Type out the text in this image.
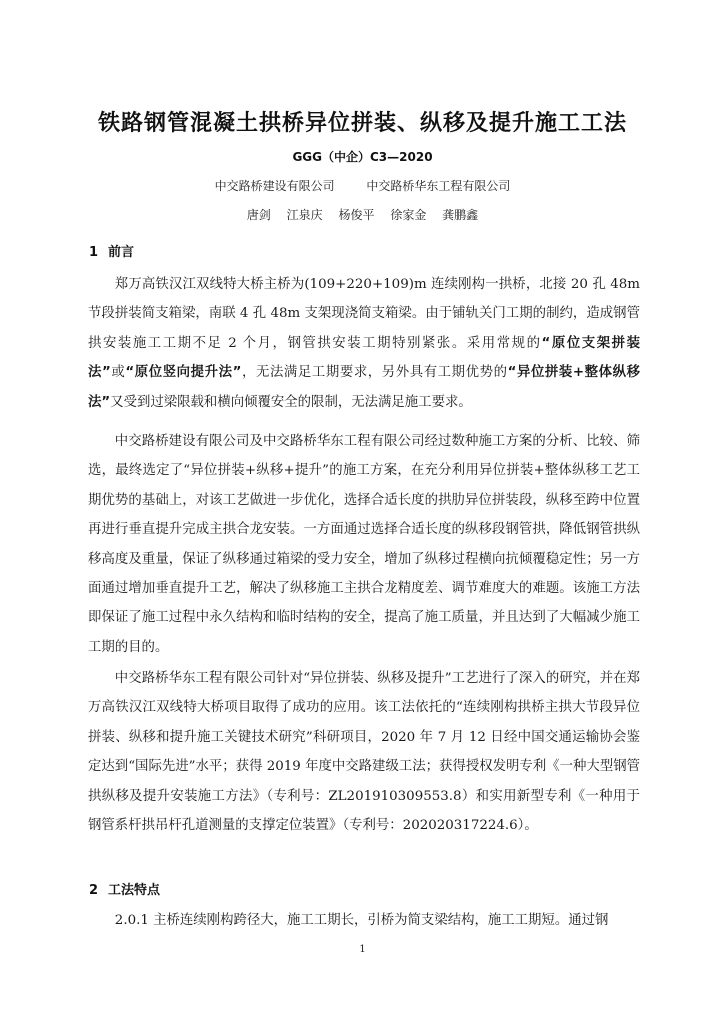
铁路钢管混凝土拱桥异位拼装、纵移及提升施工工法
GGG（中企）C3—2020
中交路桥建设有限公司	中交路桥华东工程有限公司
唐剑 江泉庆 杨俊平 徐家金 龚鹏鑫
1 前言

郑万高铁汉江双线特大桥主桥为(109+220+109)m 连续刚构一拱桥，北接 20 孔 48m 节段拼装简支箱梁，南联 4 孔 48m 支架现浇简支箱梁。由于铺轨关门工期的制约，造成钢管拱安装施工工期不足 2 个月，钢管拱安装工期特别紧张。采用常规的“原位支架拼装法”或“原位竖向提升法”，无法满足工期要求，另外具有工期优势的“异位拼装+整体纵移法”又受到过梁限载和横向倾覆安全的限制，无法满足施工要求。

中交路桥建设有限公司及中交路桥华东工程有限公司经过数种施工方案的分析、比较、筛选，最终选定了“异位拼装+纵移+提升”的施工方案，在充分利用异位拼装+整体纵移工艺工期优势的基础上，对该工艺做进一步优化，选择合适长度的拱肋异位拼装段，纵移至跨中位置再进行垂直提升完成主拱合龙安装。一方面通过选择合适长度的纵移段钢管拱，降低钢管拱纵移高度及重量，保证了纵移通过箱梁的受力安全，增加了纵移过程横向抗倾覆稳定性；另一方面通过增加垂直提升工艺，解决了纵移施工主拱合龙精度差、调节难度大的难题。该施工方法即保证了施工过程中永久结构和临时结构的安全，提高了施工质量，并且达到了大幅减少施工工期的目的。

中交路桥华东工程有限公司针对“异位拼装、纵移及提升”工艺进行了深入的研究，并在郑万高铁汉江双线特大桥项目取得了成功的应用。该工法依托的“连续刚构拱桥主拱大节段异位拼装、纵移和提升施工关键技术研究”科研项目，2020 年 7 月 12 日经中国交通运输协会鉴定达到“国际先进”水平；获得 2019 年度中交路建级工法；获得授权发明专利《一种大型钢管拱纵移及提升安装施工方法》（专利号：ZL201910309553.8）和实用新型专利《一种用于钢管系杆拱吊杆孔道测量的支撑定位装置》（专利号：202020317224.6）。

2 工法特点

2.0.1 主桥连续刚构跨径大，施工工期长，引桥为简支梁结构，施工工期短。通过钢

1
